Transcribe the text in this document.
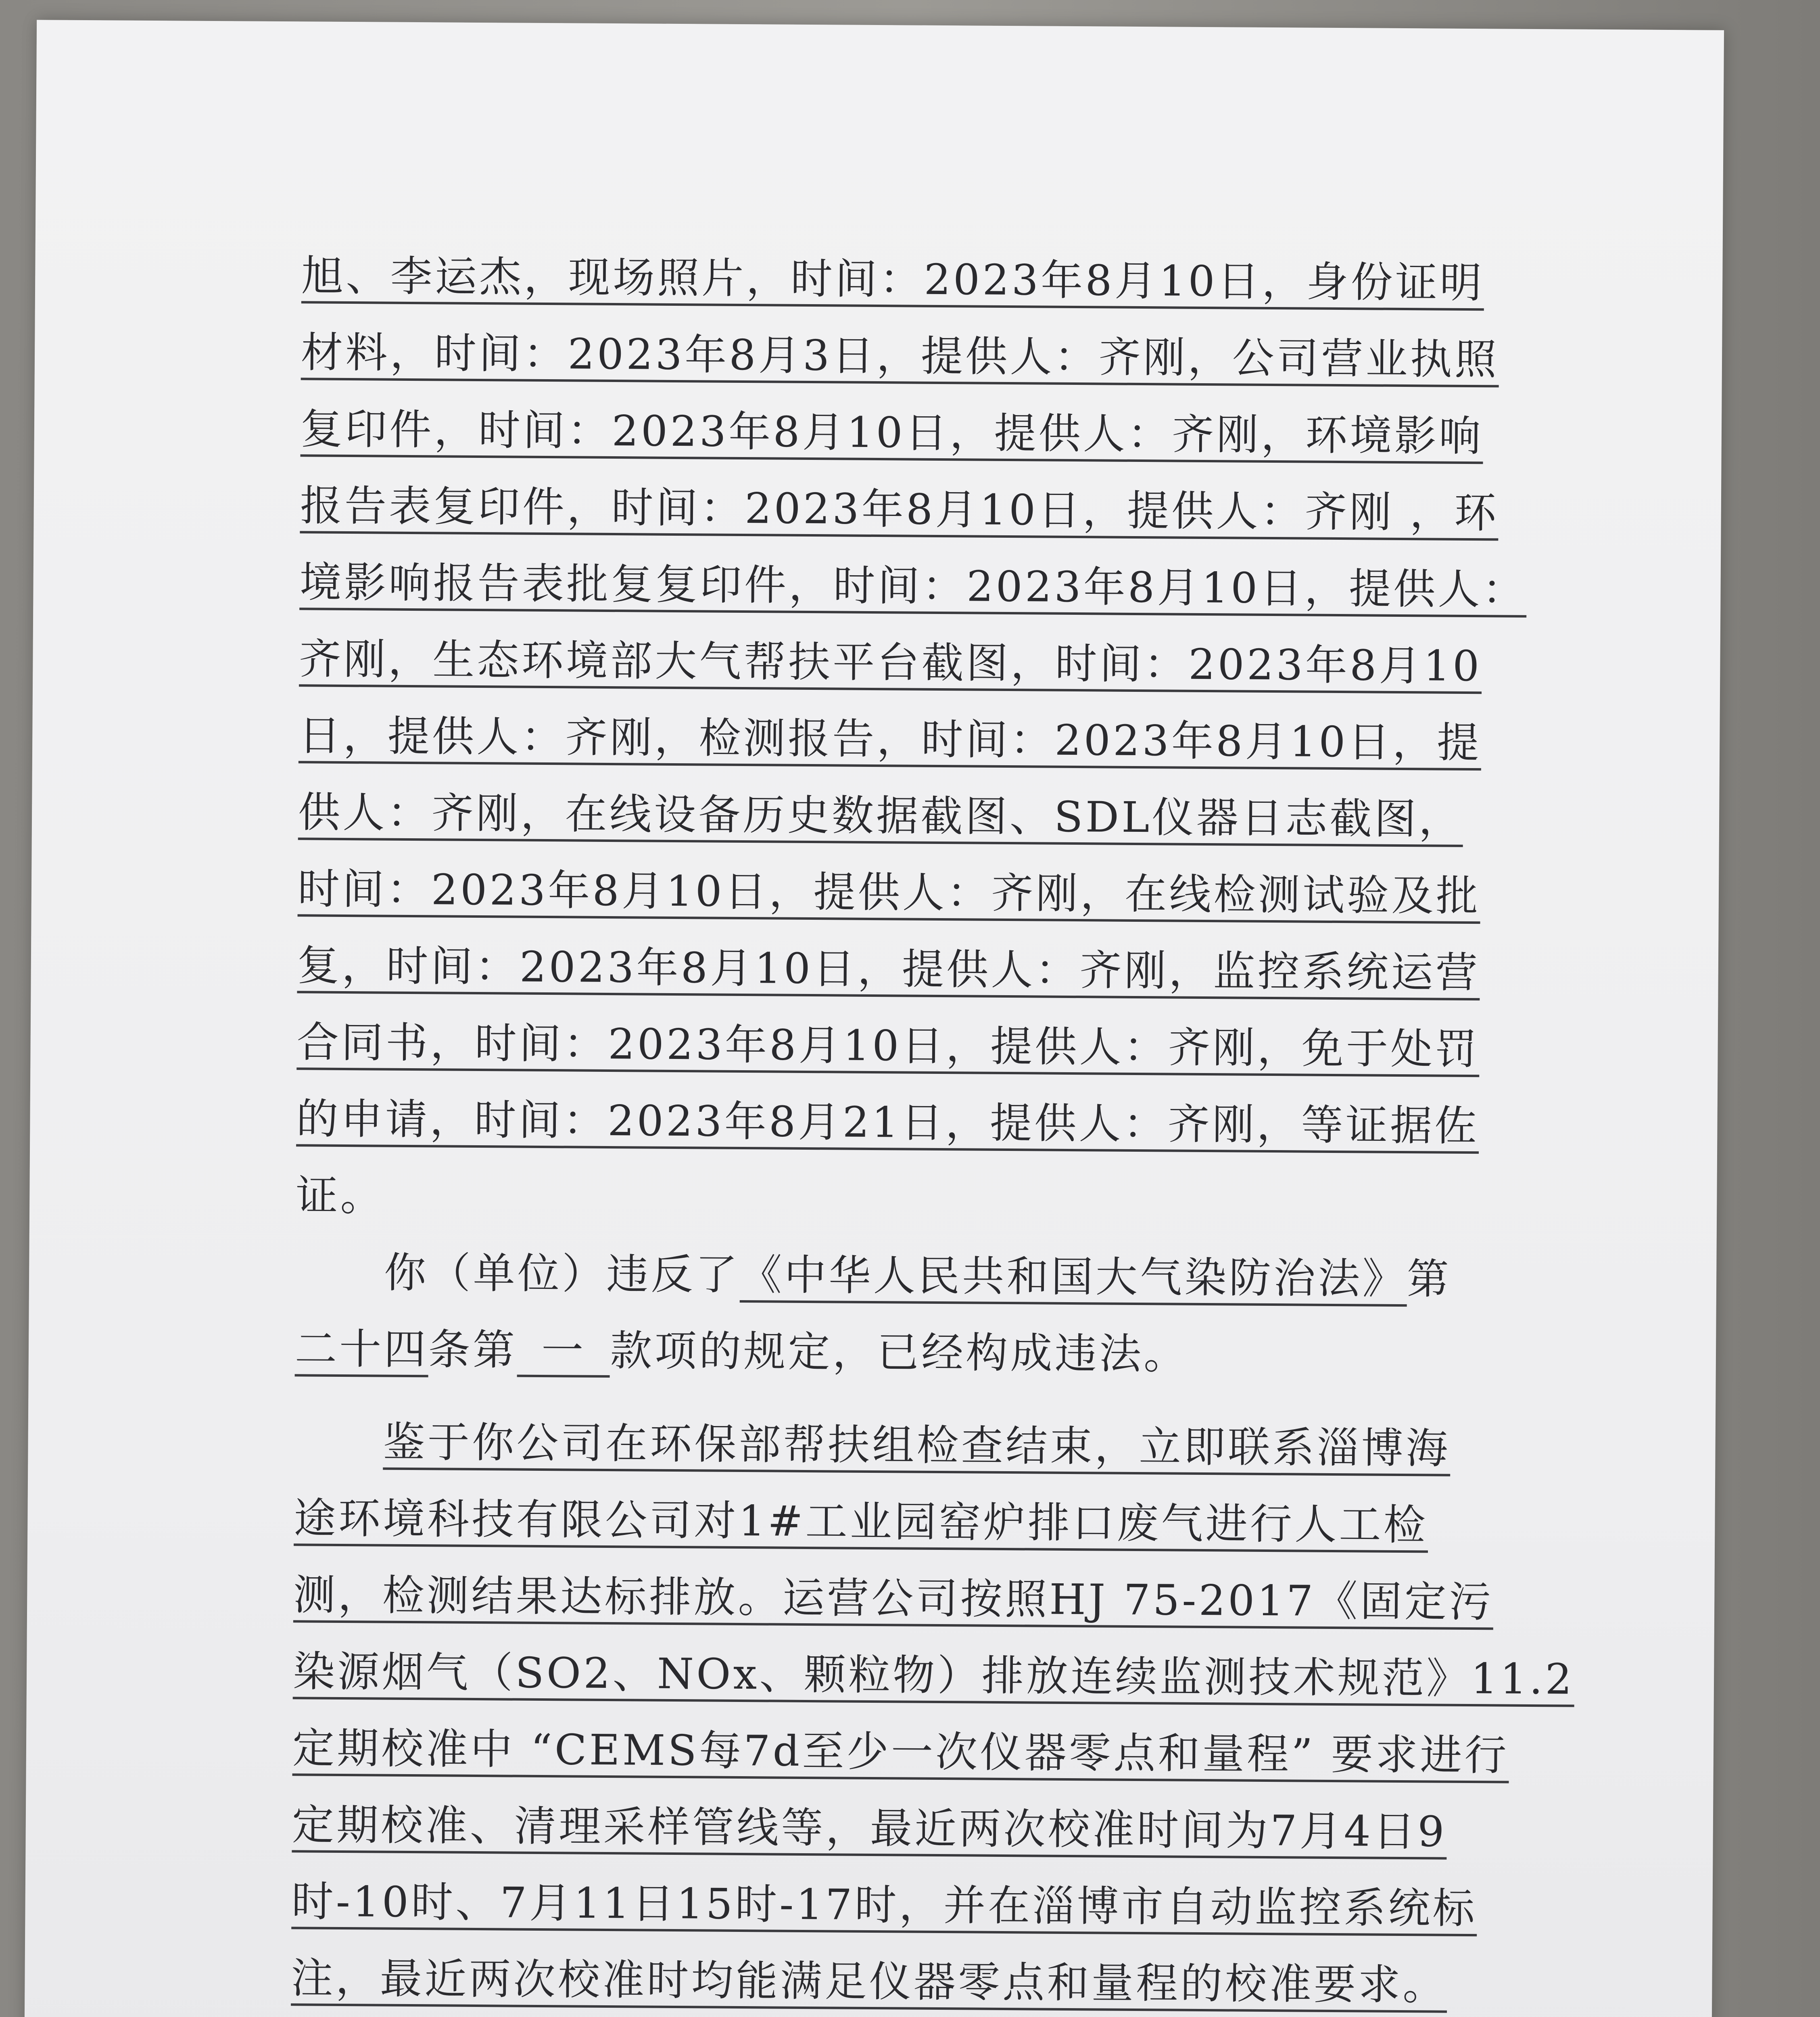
旭、李运杰，现场照片，时间：2023年8月10日，身份证明
材料，时间：2023年8月3日，提供人：齐刚，公司营业执照
复印件，时间：2023年8月10日，提供人：齐刚，环境影响
报告表复印件，时间：2023年8月10日，提供人：齐刚 ，环
境影响报告表批复复印件，时间：2023年8月10日，提供人：
齐刚，生态环境部大气帮扶平台截图，时间：2023年8月10
日，提供人：齐刚，检测报告，时间：2023年8月10日，提
供人：齐刚，在线设备历史数据截图、SDL仪器日志截图，
时间：2023年8月10日，提供人：齐刚，在线检测试验及批
复，时间：2023年8月10日，提供人：齐刚，监控系统运营
合同书，时间：2023年8月10日，提供人：齐刚，免于处罚
的申请，时间：2023年8月21日，提供人：齐刚，等证据佐
证。
你（单位）违反了《中华人民共和国大气染防治法》第
二十四条第 一 款项的规定，已经构成违法。
鉴于你公司在环保部帮扶组检查结束，立即联系淄博海
途环境科技有限公司对1#工业园窑炉排口废气进行人工检
测，检测结果达标排放。运营公司按照HJ 75-2017《固定污
染源烟气（SO2、NOx、颗粒物）排放连续监测技术规范》11.2
定期校准中 “CEMS每7d至少一次仪器零点和量程” 要求进行
定期校准、清理采样管线等，最近两次校准时间为7月4日9
时-10时、7月11日15时-17时，并在淄博市自动监控系统标
注，最近两次校准时均能满足仪器零点和量程的校准要求。
